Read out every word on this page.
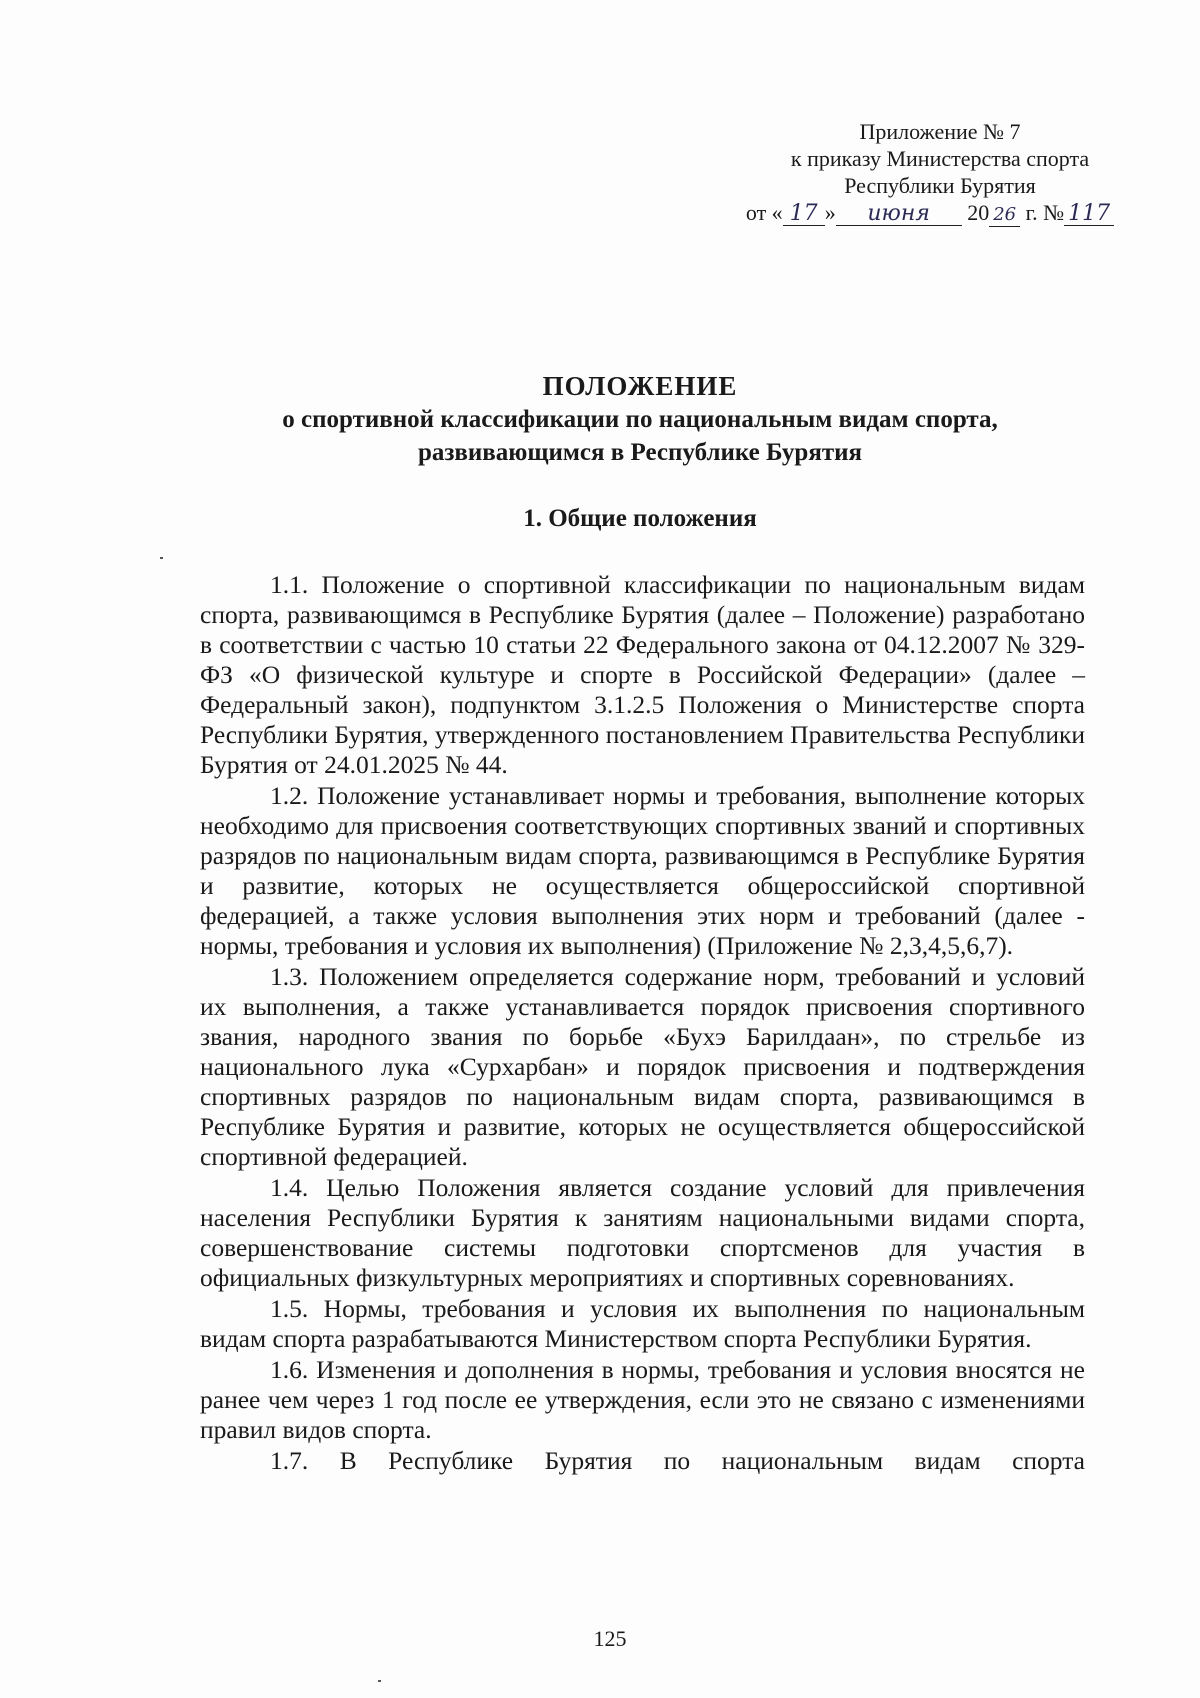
Приложение № 7
к приказу Министерства спорта
Республики Бурятия
от « 17 » июня 20 26 г. № 117
ПОЛОЖЕНИЕ
о спортивной классификации по национальным видам спорта,
развивающимся в Республике Бурятия
1. Общие положения

1.1. Положение о спортивной классификации по национальным видам спорта, развивающимся в Республике Бурятия (далее – Положение) разработано в соответствии с частью 10 статьи 22 Федерального закона от 04.12.2007 № 329-ФЗ «О физической культуре и спорте в Российской Федерации» (далее – Федеральный закон), подпунктом 3.1.2.5 Положения о Министерстве спорта Республики Бурятия, утвержденного постановлением Правительства Республики Бурятия от 24.01.2025 № 44.

1.2. Положение устанавливает нормы и требования, выполнение которых необходимо для присвоения соответствующих спортивных званий и спортивных разрядов по национальным видам спорта, развивающимся в Республике Бурятия и развитие, которых не осуществляется общероссийской спортивной федерацией, а также условия выполнения этих норм и требований (далее - нормы, требования и условия их выполнения) (Приложение № 2,3,4,5,6,7).

1.3. Положением определяется содержание норм, требований и условий их выполнения, а также устанавливается порядок присвоения спортивного звания, народного звания по борьбе «Бухэ Барилдаан», по стрельбе из национального лука «Сурхарбан» и порядок присвоения и подтверждения спортивных разрядов по национальным видам спорта, развивающимся в Республике Бурятия и развитие, которых не осуществляется общероссийской спортивной федерацией.

1.4. Целью Положения является создание условий для привлечения населения Республики Бурятия к занятиям национальными видами спорта, совершенствование системы подготовки спортсменов для участия в официальных физкультурных мероприятиях и спортивных соревнованиях.

1.5. Нормы, требования и условия их выполнения по национальным видам спорта разрабатываются Министерством спорта Республики Бурятия.

1.6. Изменения и дополнения в нормы, требования и условия вносятся не ранее чем через 1 год после ее утверждения, если это не связано с изменениями правил видов спорта.

1.7. В Республике Бурятия по национальным видам спорта

125
